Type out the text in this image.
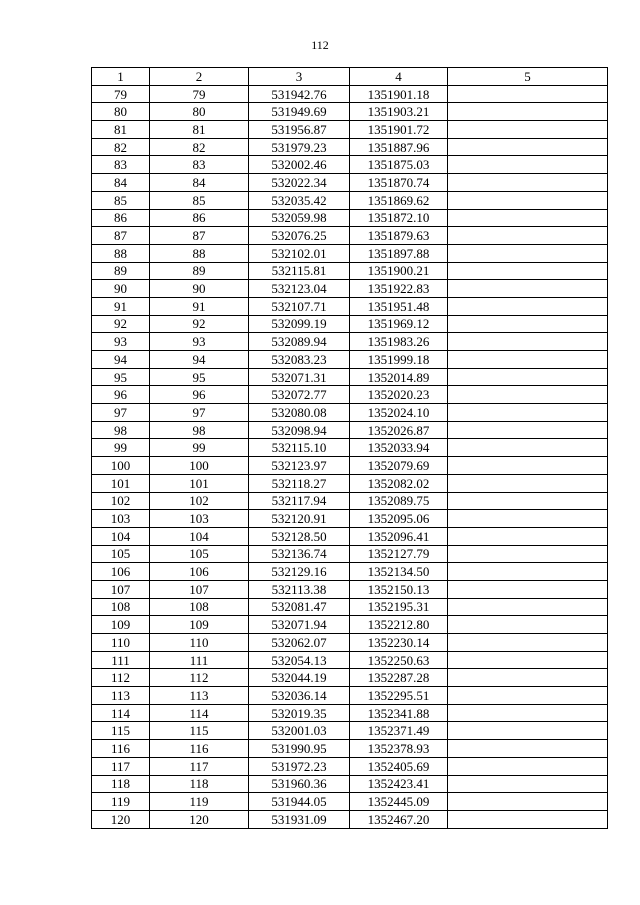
112
1	2	3	4	5
79	79	531942.76	1351901.18	
80	80	531949.69	1351903.21	
81	81	531956.87	1351901.72	
82	82	531979.23	1351887.96	
83	83	532002.46	1351875.03	
84	84	532022.34	1351870.74	
85	85	532035.42	1351869.62	
86	86	532059.98	1351872.10	
87	87	532076.25	1351879.63	
88	88	532102.01	1351897.88	
89	89	532115.81	1351900.21	
90	90	532123.04	1351922.83	
91	91	532107.71	1351951.48	
92	92	532099.19	1351969.12	
93	93	532089.94	1351983.26	
94	94	532083.23	1351999.18	
95	95	532071.31	1352014.89	
96	96	532072.77	1352020.23	
97	97	532080.08	1352024.10	
98	98	532098.94	1352026.87	
99	99	532115.10	1352033.94	
100	100	532123.97	1352079.69	
101	101	532118.27	1352082.02	
102	102	532117.94	1352089.75	
103	103	532120.91	1352095.06	
104	104	532128.50	1352096.41	
105	105	532136.74	1352127.79	
106	106	532129.16	1352134.50	
107	107	532113.38	1352150.13	
108	108	532081.47	1352195.31	
109	109	532071.94	1352212.80	
110	110	532062.07	1352230.14	
111	111	532054.13	1352250.63	
112	112	532044.19	1352287.28	
113	113	532036.14	1352295.51	
114	114	532019.35	1352341.88	
115	115	532001.03	1352371.49	
116	116	531990.95	1352378.93	
117	117	531972.23	1352405.69	
118	118	531960.36	1352423.41	
119	119	531944.05	1352445.09	
120	120	531931.09	1352467.20	
